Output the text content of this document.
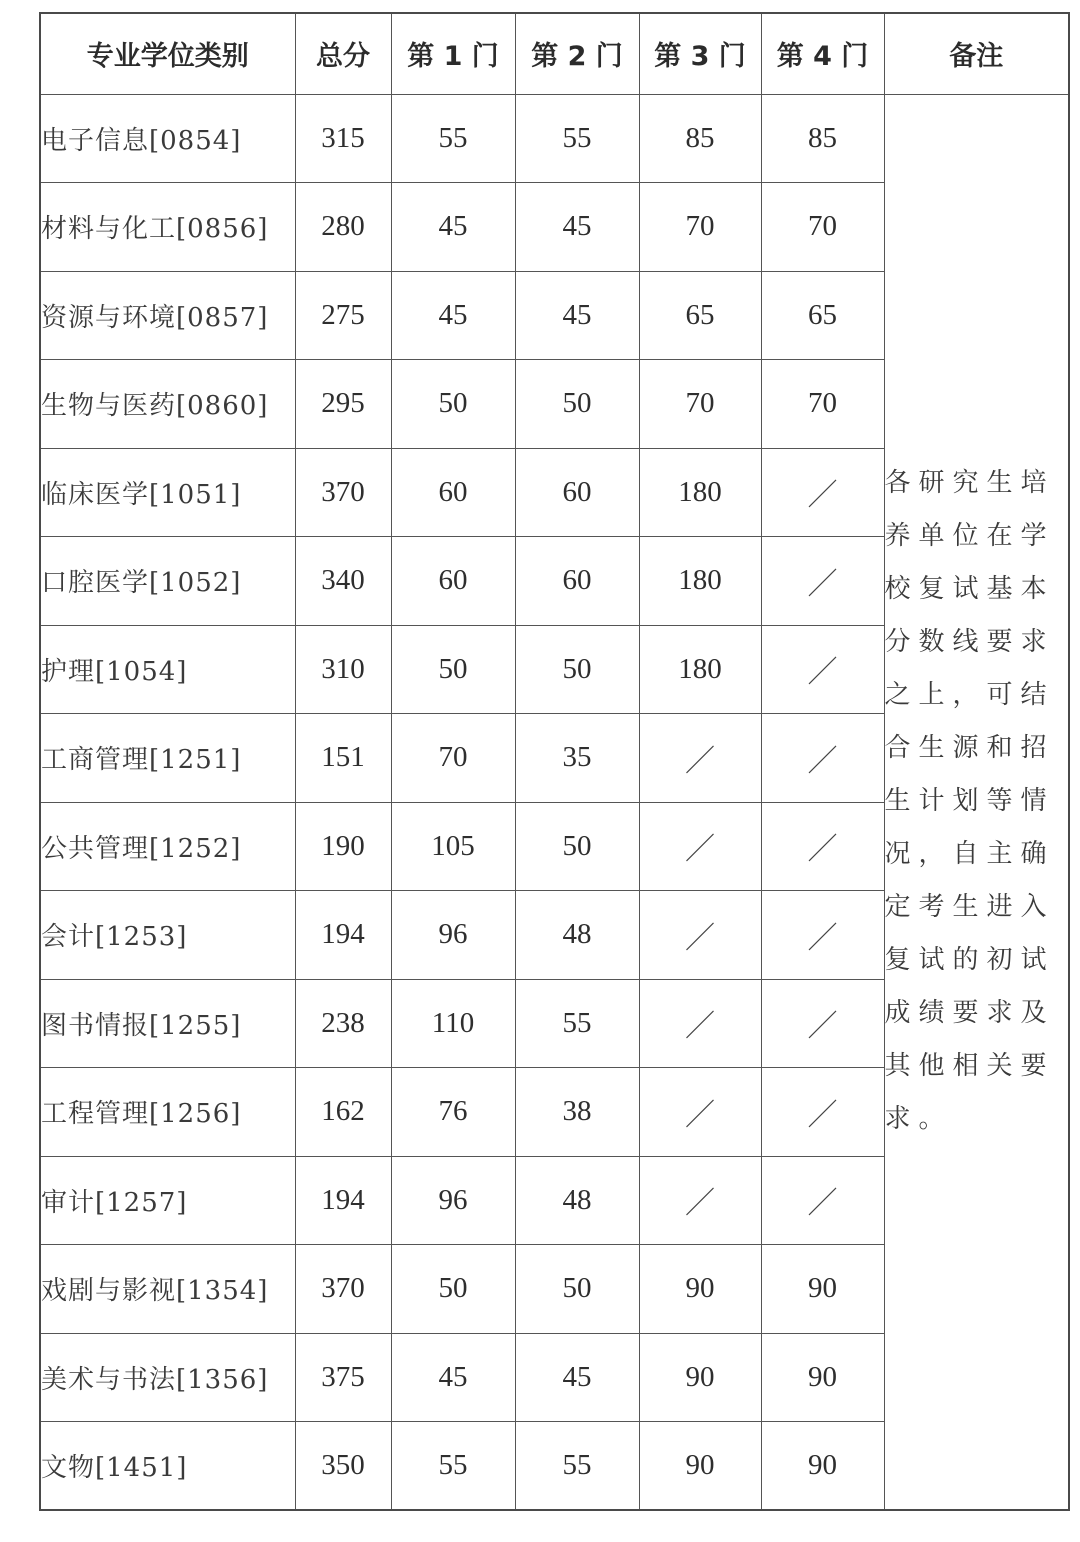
专业学位类别	总分	第 1 门	第 2 门	第 3 门	第 4 门	备注
电子信息[0854]	315	55	55	85	85	各研究生培养单位在学校复试基本分数线要求之上，可结合生源和招生计划等情况，自主确定考生进入复试的初试成绩要求及其他相关要求。
材料与化工[0856]	280	45	45	70	70	
资源与环境[0857]	275	45	45	65	65	
生物与医药[0860]	295	50	50	70	70	
临床医学[1051]	370	60	60	180	／	
口腔医学[1052]	340	60	60	180	／	
护理[1054]	310	50	50	180	／	
工商管理[1251]	151	70	35	／	／	
公共管理[1252]	190	105	50	／	／	
会计[1253]	194	96	48	／	／	
图书情报[1255]	238	110	55	／	／	
工程管理[1256]	162	76	38	／	／	
审计[1257]	194	96	48	／	／	
戏剧与影视[1354]	370	50	50	90	90	
美术与书法[1356]	375	45	45	90	90	
文物[1451]	350	55	55	90	90	
